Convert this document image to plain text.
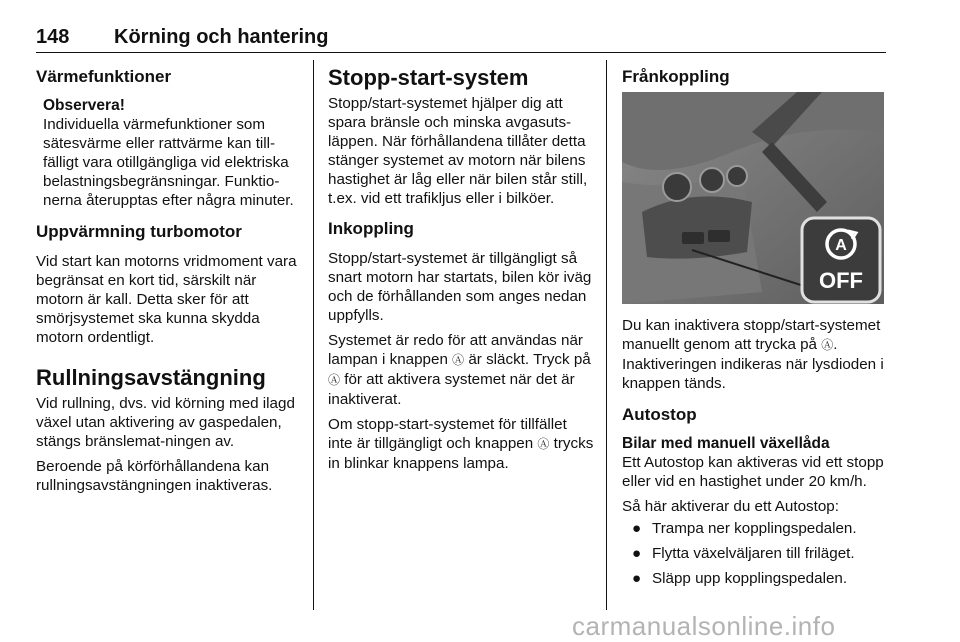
148 Körning och hantering

Värmefunktioner

Observera!

Individuella värmefunktioner som sätesvärme eller rattvärme kan till-fälligt vara otillgängliga vid elektriska belastningsbegränsningar. Funktio-nerna återupptas efter några minuter.

Uppvärmning turbomotor

Vid start kan motorns vridmoment vara begränsat en kort tid, särskilt när motorn är kall. Detta sker för att smörjsystemet ska kunna skydda motorn ordentligt.

Rullningsavstängning

Vid rullning, dvs. vid körning med ilagd växel utan aktivering av gaspedalen, stängs bränslemat-ningen av.

Beroende på körförhållandena kan rullningsavstängningen inaktiveras.

Stopp-start-system

Stopp/start-systemet hjälper dig att spara bränsle och minska avgasuts-läppen. När förhållandena tillåter detta stänger systemet av motorn när bilens hastighet är låg eller när bilen står still, t.ex. vid ett trafikljus eller i bilköer.

Inkoppling

Stopp/start-systemet är tillgängligt så snart motorn har startats, bilen kör iväg och de förhållanden som anges nedan uppfylls.

Systemet är redo för att användas när lampan i knappen Ⓐ är släckt. Tryck på Ⓐ för att aktivera systemet när det är inaktiverat.

Om stopp-start-systemet för tillfället inte är tillgängligt och knappen Ⓐ trycks in blinkar knappens lampa.

Frånkoppling

A
OFF

Du kan inaktivera stopp/start-systemet manuellt genom att trycka på Ⓐ. Inaktiveringen indikeras när lysdioden i knappen tänds.

Autostop

Bilar med manuell växellåda

Ett Autostop kan aktiveras vid ett stopp eller vid en hastighet under 20 km/h.

Så här aktiverar du ett Autostop:

● Trampa ner kopplingspedalen.
● Flytta växelväljaren till friläget.
● Släpp upp kopplingspedalen.
carmanualsonline.info
